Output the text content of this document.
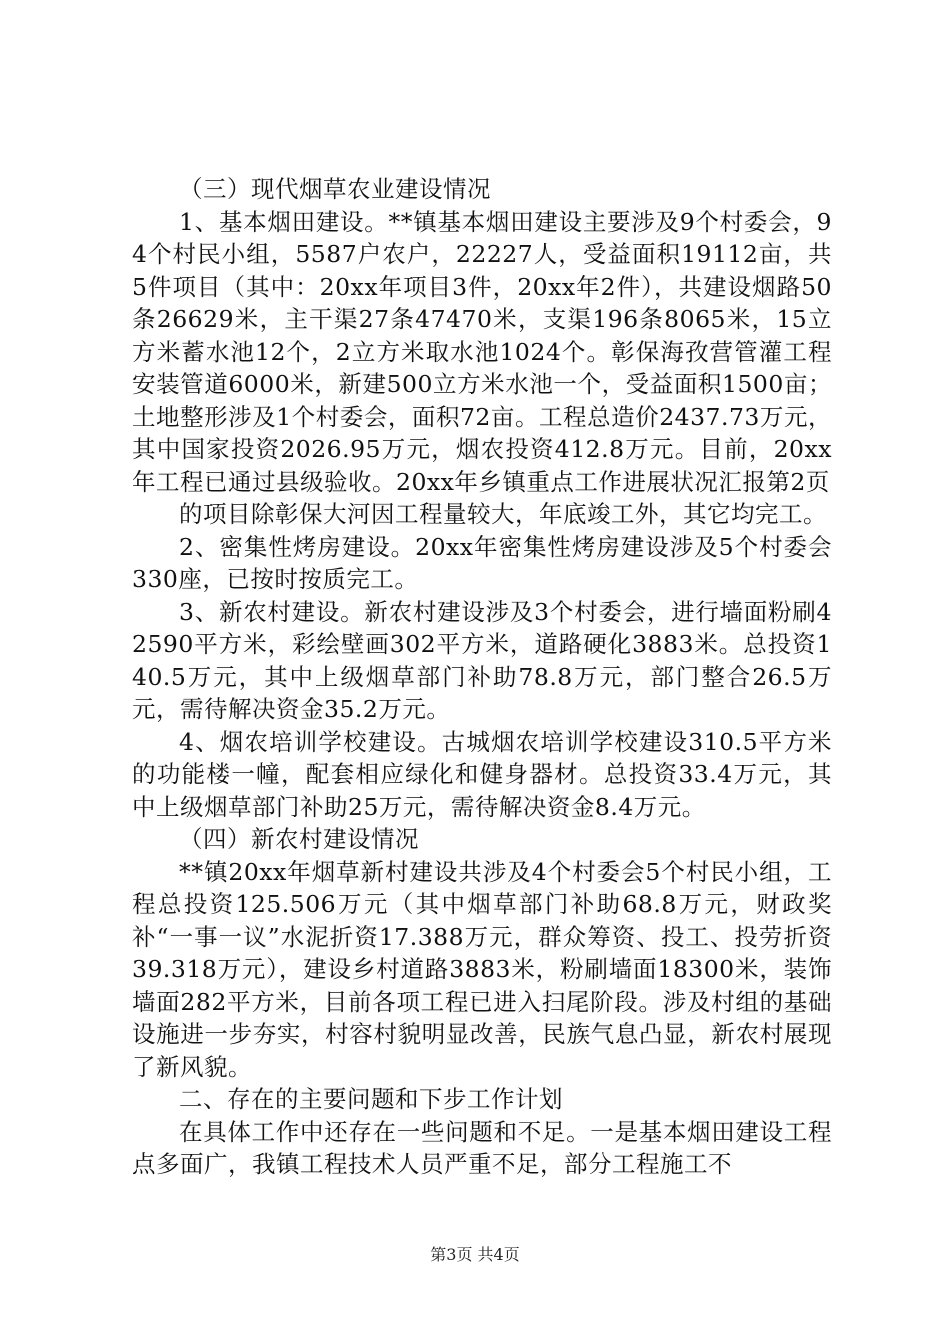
（三）现代烟草农业建设情况

1、基本烟田建设。**镇基本烟田建设主要涉及9个村委会，94个村民小组，5587户农户，22227人，受益面积19112亩，共5件项目（其中：20xx年项目3件，20xx年2件），共建设烟路50条26629米，主干渠27条47470米，支渠196条8065米，15立方米蓄水池12个，2立方米取水池1024个。彰保海孜营管灌工程安装管道6000米，新建500立方米水池一个，受益面积1500亩；土地整形涉及1个村委会，面积72亩。工程总造价2437.73万元，其中国家投资2026.95万元，烟农投资412.8万元。目前，20xx年工程已通过县级验收。20xx年乡镇重点工作进展状况汇报第2页

的项目除彰保大河因工程量较大，年底竣工外，其它均完工。

2、密集性烤房建设。20xx年密集性烤房建设涉及5个村委会330座，已按时按质完工。

3、新农村建设。新农村建设涉及3个村委会，进行墙面粉刷42590平方米，彩绘壁画302平方米，道路硬化3883米。总投资140.5万元，其中上级烟草部门补助78.8万元，部门整合26.5万元，需待解决资金35.2万元。

4、烟农培训学校建设。古城烟农培训学校建设310.5平方米的功能楼一幢，配套相应绿化和健身器材。总投资33.4万元，其中上级烟草部门补助25万元，需待解决资金8.4万元。

（四）新农村建设情况

**镇20xx年烟草新村建设共涉及4个村委会5个村民小组，工程总投资125.506万元（其中烟草部门补助68.8万元，财政奖补“一事一议”水泥折资17.388万元，群众筹资、投工、投劳折资39.318万元），建设乡村道路3883米，粉刷墙面18300米，装饰墙面282平方米，目前各项工程已进入扫尾阶段。涉及村组的基础设施进一步夯实，村容村貌明显改善，民族气息凸显，新农村展现了新风貌。

二、存在的主要问题和下步工作计划

在具体工作中还存在一些问题和不足。一是基本烟田建设工程点多面广，我镇工程技术人员严重不足，部分工程施工不

第3页 共4页
